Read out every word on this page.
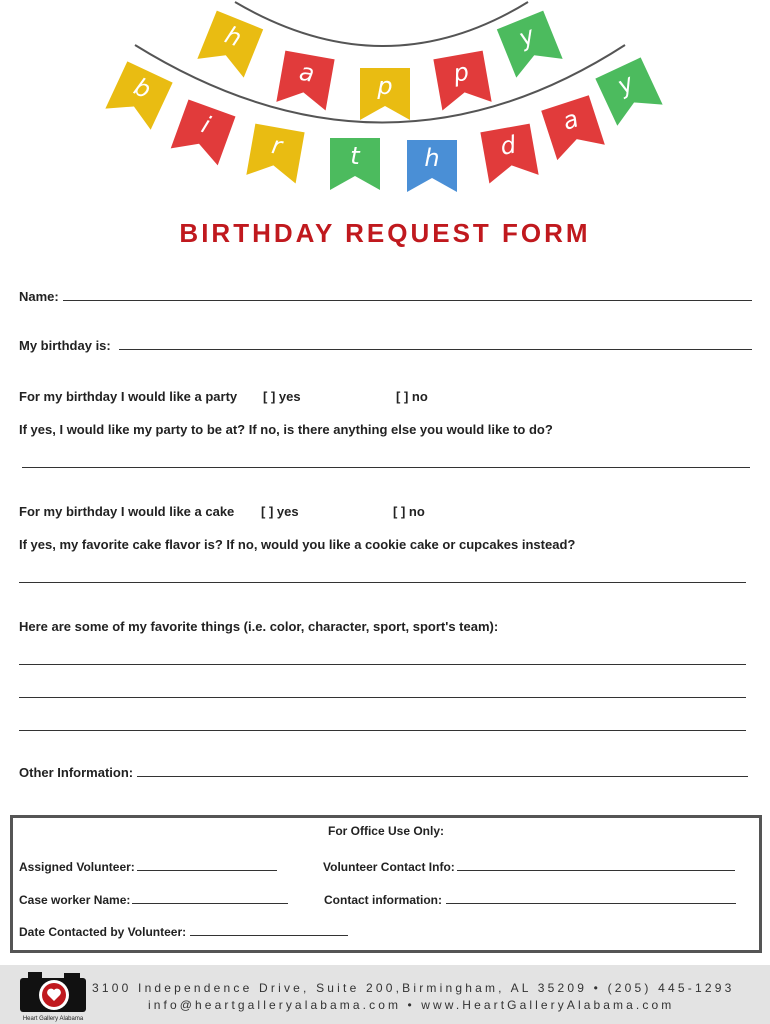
h
a	p p
y
b
i
r	t	h d
a
y
BIRTHDAY REQUEST FORM
Name:
My birthday is:
For my birthday I would like a party [ ] yes	[ ] no
If yes, I would like my party to be at? If no, is there anything else you would like to do?
For my birthday I would like a cake [ ] yes	[ ] no
If yes, my favorite cake flavor is? If no, would you like a cookie cake or cupcakes instead?
Here are some of my favorite things (i.e. color, character, sport, sport's team):
Other Information:
For Office Use Only:
Assigned Volunteer:	Volunteer Contact Info:
Case worker Name:	Contact information:
Date Contacted by Volunteer:
Heart Gallery Alabama
3100 Independence Drive, Suite 200,Birmingham, AL 35209 • (205) 445-1293
info@heartgalleryalabama.com • www.HeartGalleryAlabama.com
